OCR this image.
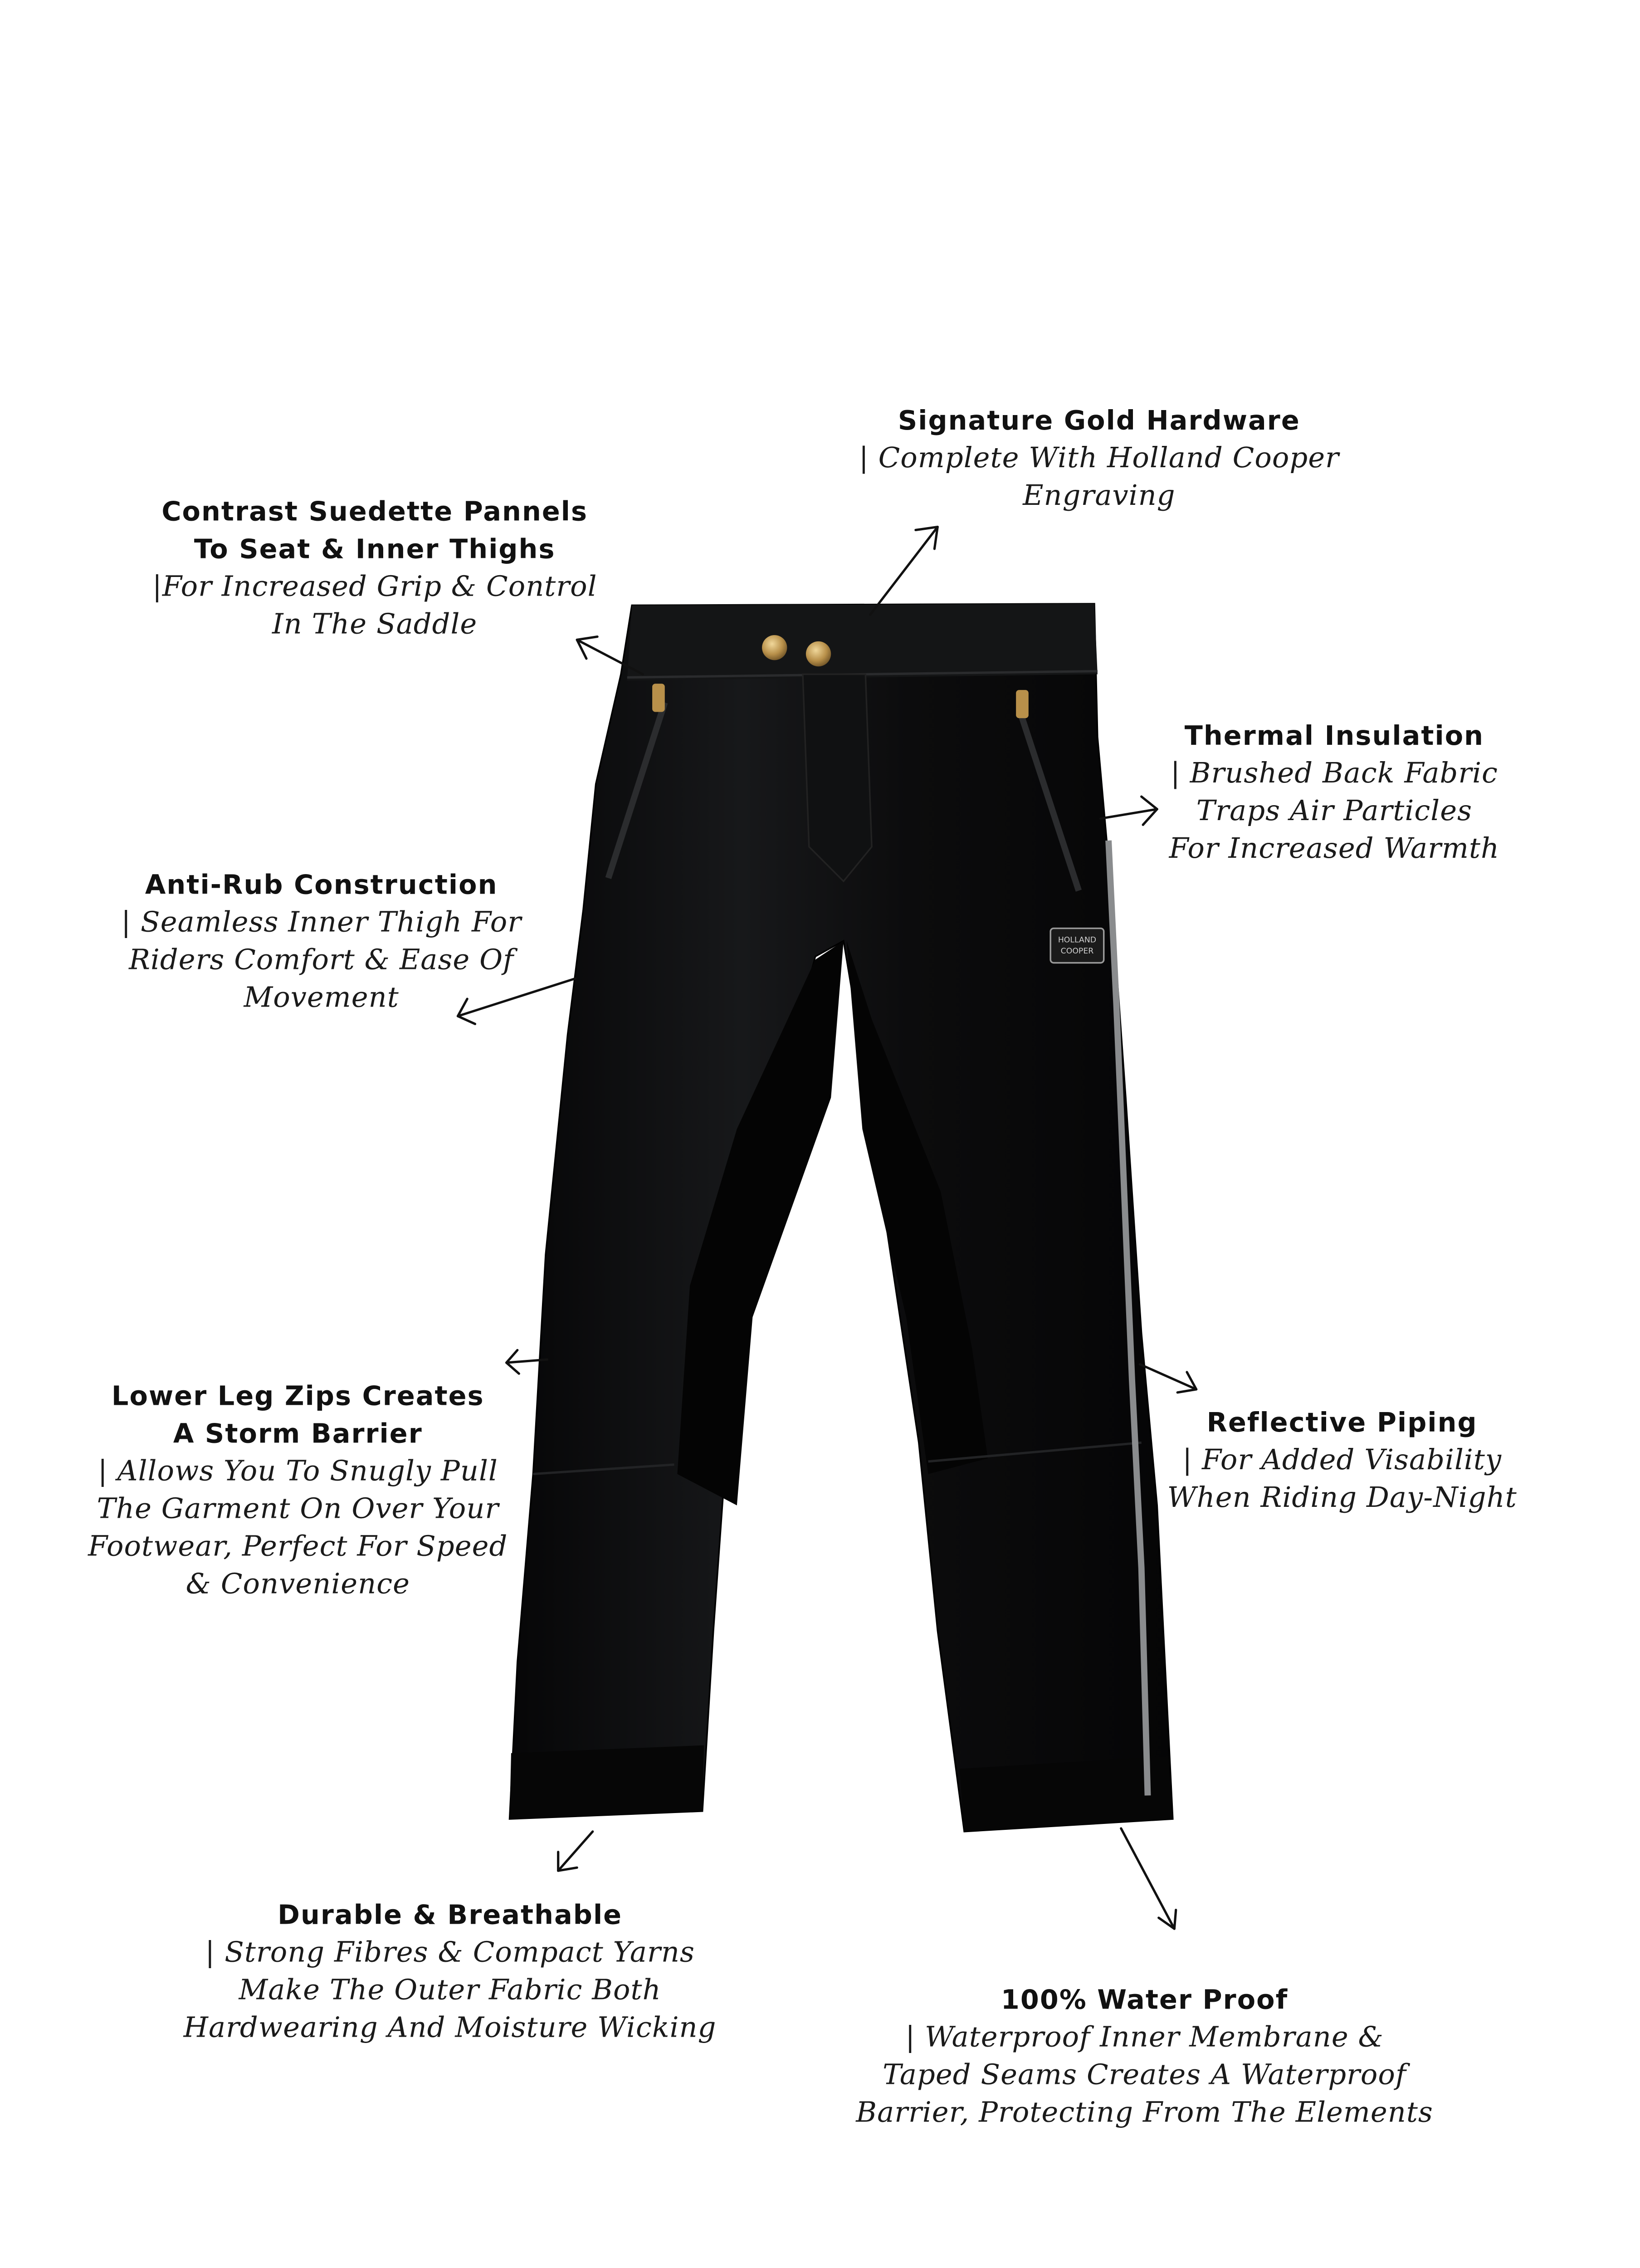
HOLLAND
COOPER
Signature Gold Hardware
| Complete With Holland Cooper
Engraving
Contrast Suedette Pannels
To Seat & Inner Thighs
|For Increased Grip & Control
In The Saddle
Thermal Insulation
| Brushed Back Fabric
Traps Air Particles
For Increased Warmth
Anti-Rub Construction
| Seamless Inner Thigh For
Riders Comfort & Ease Of
Movement
Lower Leg Zips Creates
A Storm Barrier
| Allows You To Snugly Pull
The Garment On Over Your
Footwear, Perfect For Speed
& Convenience
Reflective Piping
| For Added Visability
When Riding Day-Night
Durable & Breathable
| Strong Fibres & Compact Yarns
Make The Outer Fabric Both
Hardwearing And Moisture Wicking
100% Water Proof
| Waterproof Inner Membrane &
Taped Seams Creates A Waterproof
Barrier, Protecting From The Elements
